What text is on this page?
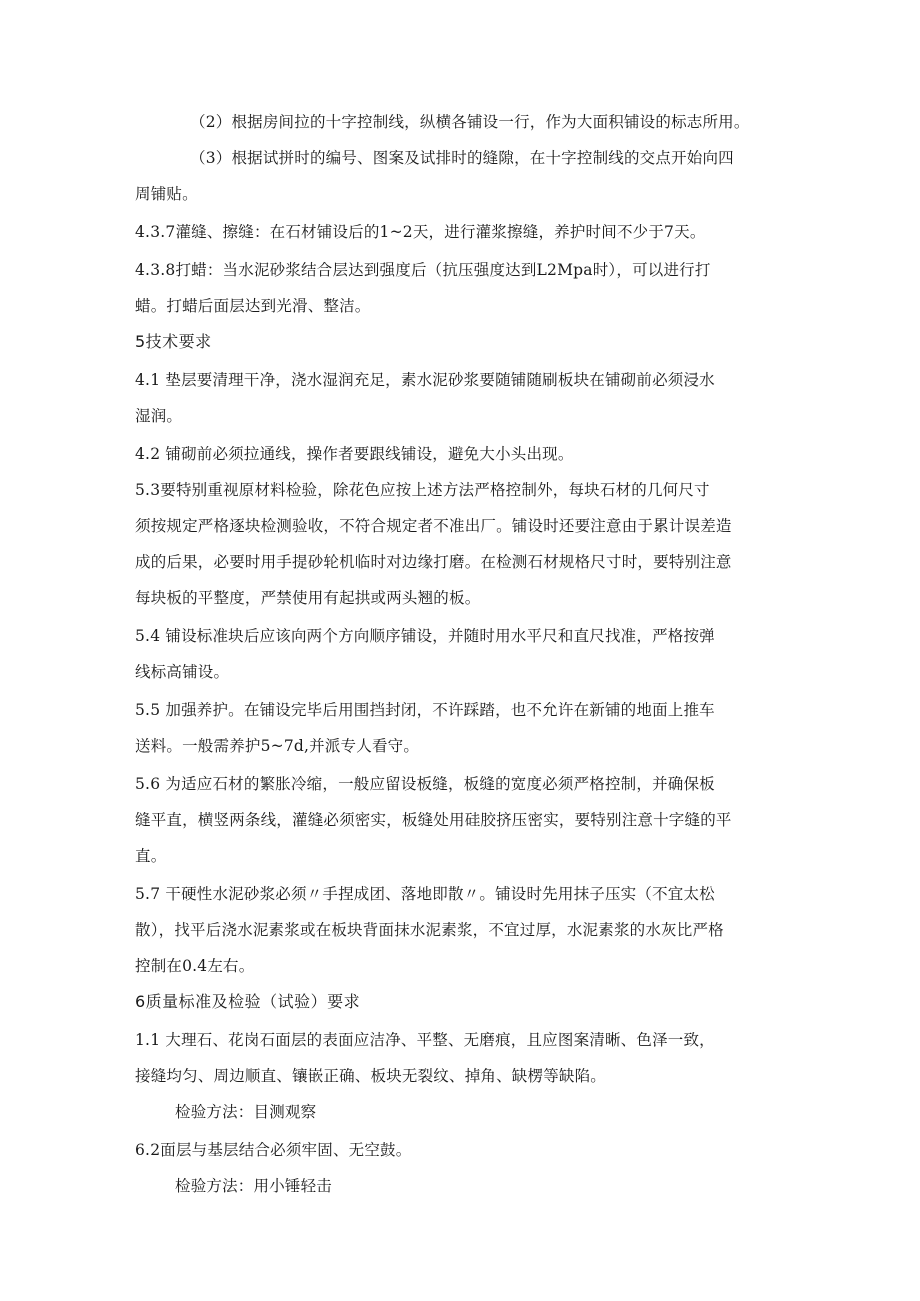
（2）根据房间拉的十字控制线，纵横各铺设一行，作为大面积铺设的标志所用。
（3）根据试拼时的编号、图案及试排时的缝隙，在十字控制线的交点开始向四
周铺贴。
4.3.7灌缝、擦缝：在石材铺设后的1~2天，进行灌浆擦缝，养护时间不少于7天。
4.3.8打蜡：当水泥砂浆结合层达到强度后（抗压强度达到L2Mpa时），可以进行打
蜡。打蜡后面层达到光滑、整洁。
5技术要求
4.1 垫层要清理干净，浇水湿润充足，素水泥砂浆要随铺随刷板块在铺砌前必须浸水
湿润。
4.2 铺砌前必须拉通线，操作者要跟线铺设，避免大小头出现。
5.3要特别重视原材料检验，除花色应按上述方法严格控制外，每块石材的几何尺寸
须按规定严格逐块检测验收，不符合规定者不准出厂。铺设时还要注意由于累计误差造
成的后果，必要时用手提砂轮机临时对边缘打磨。在检测石材规格尺寸时，要特别注意
每块板的平整度，严禁使用有起拱或两头翘的板。
5.4 铺设标准块后应该向两个方向顺序铺设，并随时用水平尺和直尺找准，严格按弹
线标高铺设。
5.5 加强养护。在铺设完毕后用围挡封闭，不许踩踏，也不允许在新铺的地面上推车
送料。一般需养护5~7d,并派专人看守。
5.6 为适应石材的繁胀冷缩，一般应留设板缝，板缝的宽度必须严格控制，并确保板
缝平直，横竖两条线，灌缝必须密实，板缝处用硅胶挤压密实，要特别注意十字缝的平
直。
5.7 干硬性水泥砂浆必须〃手捏成团、落地即散〃。铺设时先用抹子压实（不宜太松
散），找平后浇水泥素浆或在板块背面抹水泥素浆，不宜过厚，水泥素浆的水灰比严格
控制在0.4左右。
6质量标准及检验（试验）要求
1.1 大理石、花岗石面层的表面应洁净、平整、无磨痕，且应图案清晰、色泽一致，
接缝均匀、周边顺直、镶嵌正确、板块无裂纹、掉角、缺楞等缺陷。
检验方法：目测观察
6.2面层与基层结合必须牢固、无空鼓。
检验方法：用小锤轻击
